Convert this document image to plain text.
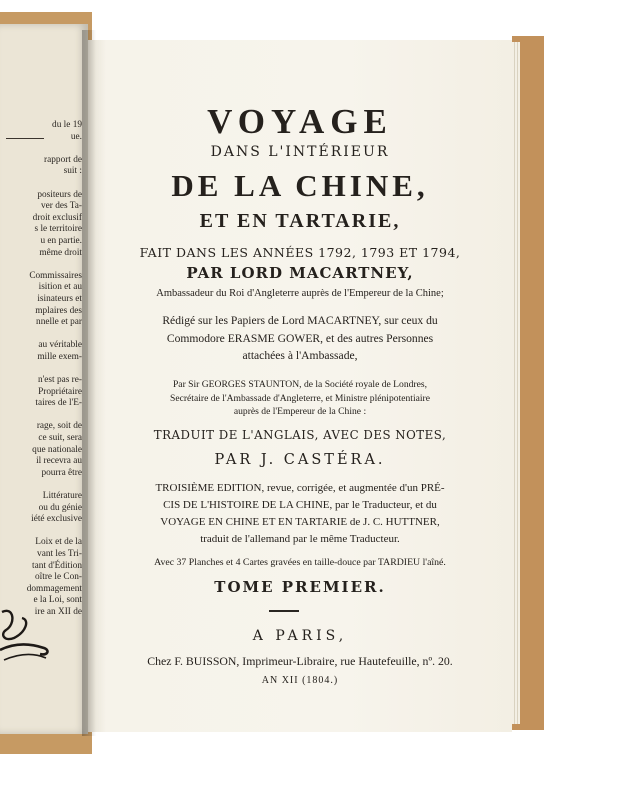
du le 19
ue.
rapport de
suit :
positeurs de
ver des Ta-
droit exclusif
s le territoire
u en partie.
même droit
Commissaires
isition et au
isinateurs et
mplaires des
nnelle et par
au véritable
mille exem-
n'est pas re-
Propriétaire
taires de l'E-
rage, soit de
ce suit, sera
que nationale
il recevra au
pourra être
Littérature
ou du génie
iété exclusive
Loix et de la
vant les Tri-
tant d'Édition
oître le Con-
dommagement
e la Loi, sont
ire an XII de
VOYAGE
DANS L'INTÉRIEUR
DE LA CHINE,
ET EN TARTARIE,
FAIT DANS LES ANNÉES 1792, 1793 ET 1794,
PAR LORD MACARTNEY,
Ambassadeur du Roi d'Angleterre auprès de l'Empereur de la Chine;
Rédigé sur les Papiers de Lord MACARTNEY, sur ceux du
Commodore ERASME GOWER, et des autres Personnes
attachées à l'Ambassade,
Par Sir GEORGES STAUNTON, de la Société royale de Londres,
Secrétaire de l'Ambassade d'Angleterre, et Ministre plénipotentiaire
auprès de l'Empereur de la Chine :
TRADUIT DE L'ANGLAIS, AVEC DES NOTES,
PAR J. CASTÉRA.
TROISIÈME EDITION, revue, corrigée, et augmentée d'un PRÉ-
CIS DE L'HISTOIRE DE LA CHINE, par le Traducteur, et du
VOYAGE EN CHINE ET EN TARTARIE de J. C. HUTTNER,
traduit de l'allemand par le même Traducteur.
Avec 37 Planches et 4 Cartes gravées en taille-douce par TARDIEU l'aîné.
TOME PREMIER.
A PARIS,
Chez F. BUISSON, Imprimeur-Libraire, rue Hautefeuille, nº. 20.
AN XII (1804.)
